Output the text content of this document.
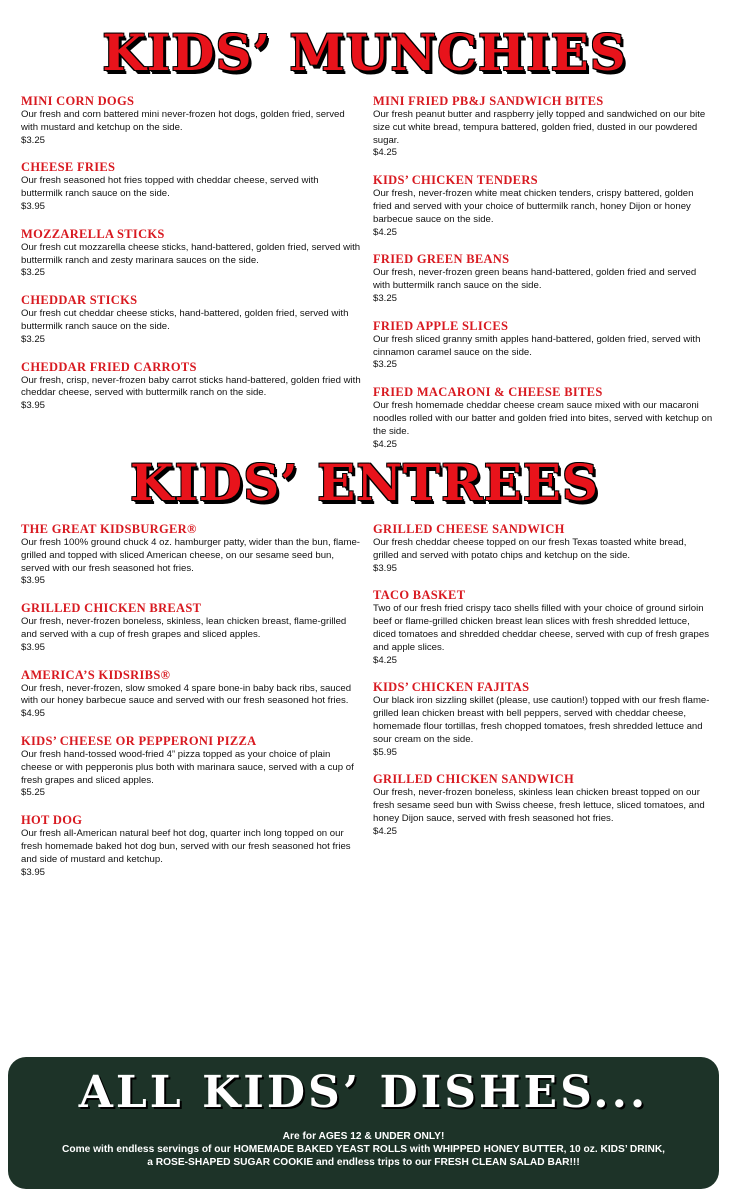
KIDS’ MUNCHIES

MINI CORN DOGS

Our fresh and corn battered mini never-frozen hot dogs, golden fried, served with mustard and ketchup on the side.

$3.25

CHEESE FRIES

Our fresh seasoned hot fries topped with cheddar cheese, served with buttermilk ranch sauce on the side.

$3.95

MOZZARELLA STICKS

Our fresh cut mozzarella cheese sticks, hand-battered, golden fried, served with buttermilk ranch and zesty marinara sauces on the side.

$3.25

CHEDDAR STICKS

Our fresh cut cheddar cheese sticks, hand-battered, golden fried, served with buttermilk ranch sauce on the side.

$3.25

CHEDDAR FRIED CARROTS

Our fresh, crisp, never-frozen baby carrot sticks hand-battered, golden fried with cheddar cheese, served with buttermilk ranch on the side.

$3.95

MINI FRIED PB&J SANDWICH BITES

Our fresh peanut butter and raspberry jelly topped and sandwiched on our bite size cut white bread, tempura battered, golden fried, dusted in our powdered sugar.

$4.25

KIDS’ CHICKEN TENDERS

Our fresh, never-frozen white meat chicken tenders, crispy battered, golden fried and served with your choice of buttermilk ranch, honey Dijon or honey barbecue sauce on the side.

$4.25

FRIED GREEN BEANS

Our fresh, never-frozen green beans hand-battered, golden fried and served with buttermilk ranch sauce on the side.

$3.25

FRIED APPLE SLICES

Our fresh sliced granny smith apples hand-battered, golden fried, served with cinnamon caramel sauce on the side.

$3.25

FRIED MACARONI & CHEESE BITES

Our fresh homemade cheddar cheese cream sauce mixed with our macaroni noodles rolled with our batter and golden fried into bites, served with ketchup on the side.

$4.25

KIDS’ ENTREES

THE GREAT KIDSBURGER®

Our fresh 100% ground chuck 4 oz. hamburger patty, wider than the bun, flame-grilled and topped with sliced American cheese, on our sesame seed bun, served with our fresh seasoned hot fries.

$3.95

GRILLED CHICKEN BREAST

Our fresh, never-frozen boneless, skinless, lean chicken breast, flame-grilled and served with a cup of fresh grapes and sliced apples.

$3.95

AMERICA’S KIDSRIBS®

Our fresh, never-frozen, slow smoked 4 spare bone-in baby back ribs, sauced with our honey barbecue sauce and served with our fresh seasoned hot fries.

$4.95

KIDS’ CHEESE OR PEPPERONI PIZZA

Our fresh hand-tossed wood-fried 4” pizza topped as your choice of plain cheese or with pepperonis plus both with marinara sauce, served with a cup of fresh grapes and sliced apples.

$5.25

HOT DOG

Our fresh all-American natural beef hot dog, quarter inch long topped on our fresh homemade baked hot dog bun, served with our fresh seasoned hot fries and side of mustard and ketchup.

$3.95

GRILLED CHEESE SANDWICH

Our fresh cheddar cheese topped on our fresh Texas toasted white bread, grilled and served with potato chips and ketchup on the side.

$3.95

TACO BASKET

Two of our fresh fried crispy taco shells filled with your choice of ground sirloin beef or flame-grilled chicken breast lean slices with fresh shredded lettuce, diced tomatoes and shredded cheddar cheese, served with cup of fresh grapes and apple slices.

$4.25

KIDS’ CHICKEN FAJITAS

Our black iron sizzling skillet (please, use caution!) topped with our fresh flame-grilled lean chicken breast with bell peppers, served with cheddar cheese, homemade flour tortillas, fresh chopped tomatoes, fresh shredded lettuce and sour cream on the side.

$5.95

GRILLED CHICKEN SANDWICH

Our fresh, never-frozen boneless, skinless lean chicken breast topped on our fresh sesame seed bun with Swiss cheese, fresh lettuce, sliced tomatoes, and honey Dijon sauce, served with fresh seasoned hot fries.

$4.25

ALL KIDS’ DISHES...

Are for AGES 12 & UNDER ONLY!

Come with endless servings of our HOMEMADE BAKED YEAST ROLLS with WHIPPED HONEY BUTTER, 10 oz. KIDS’ DRINK,

a ROSE-SHAPED SUGAR COOKIE and endless trips to our FRESH CLEAN SALAD BAR!!!
